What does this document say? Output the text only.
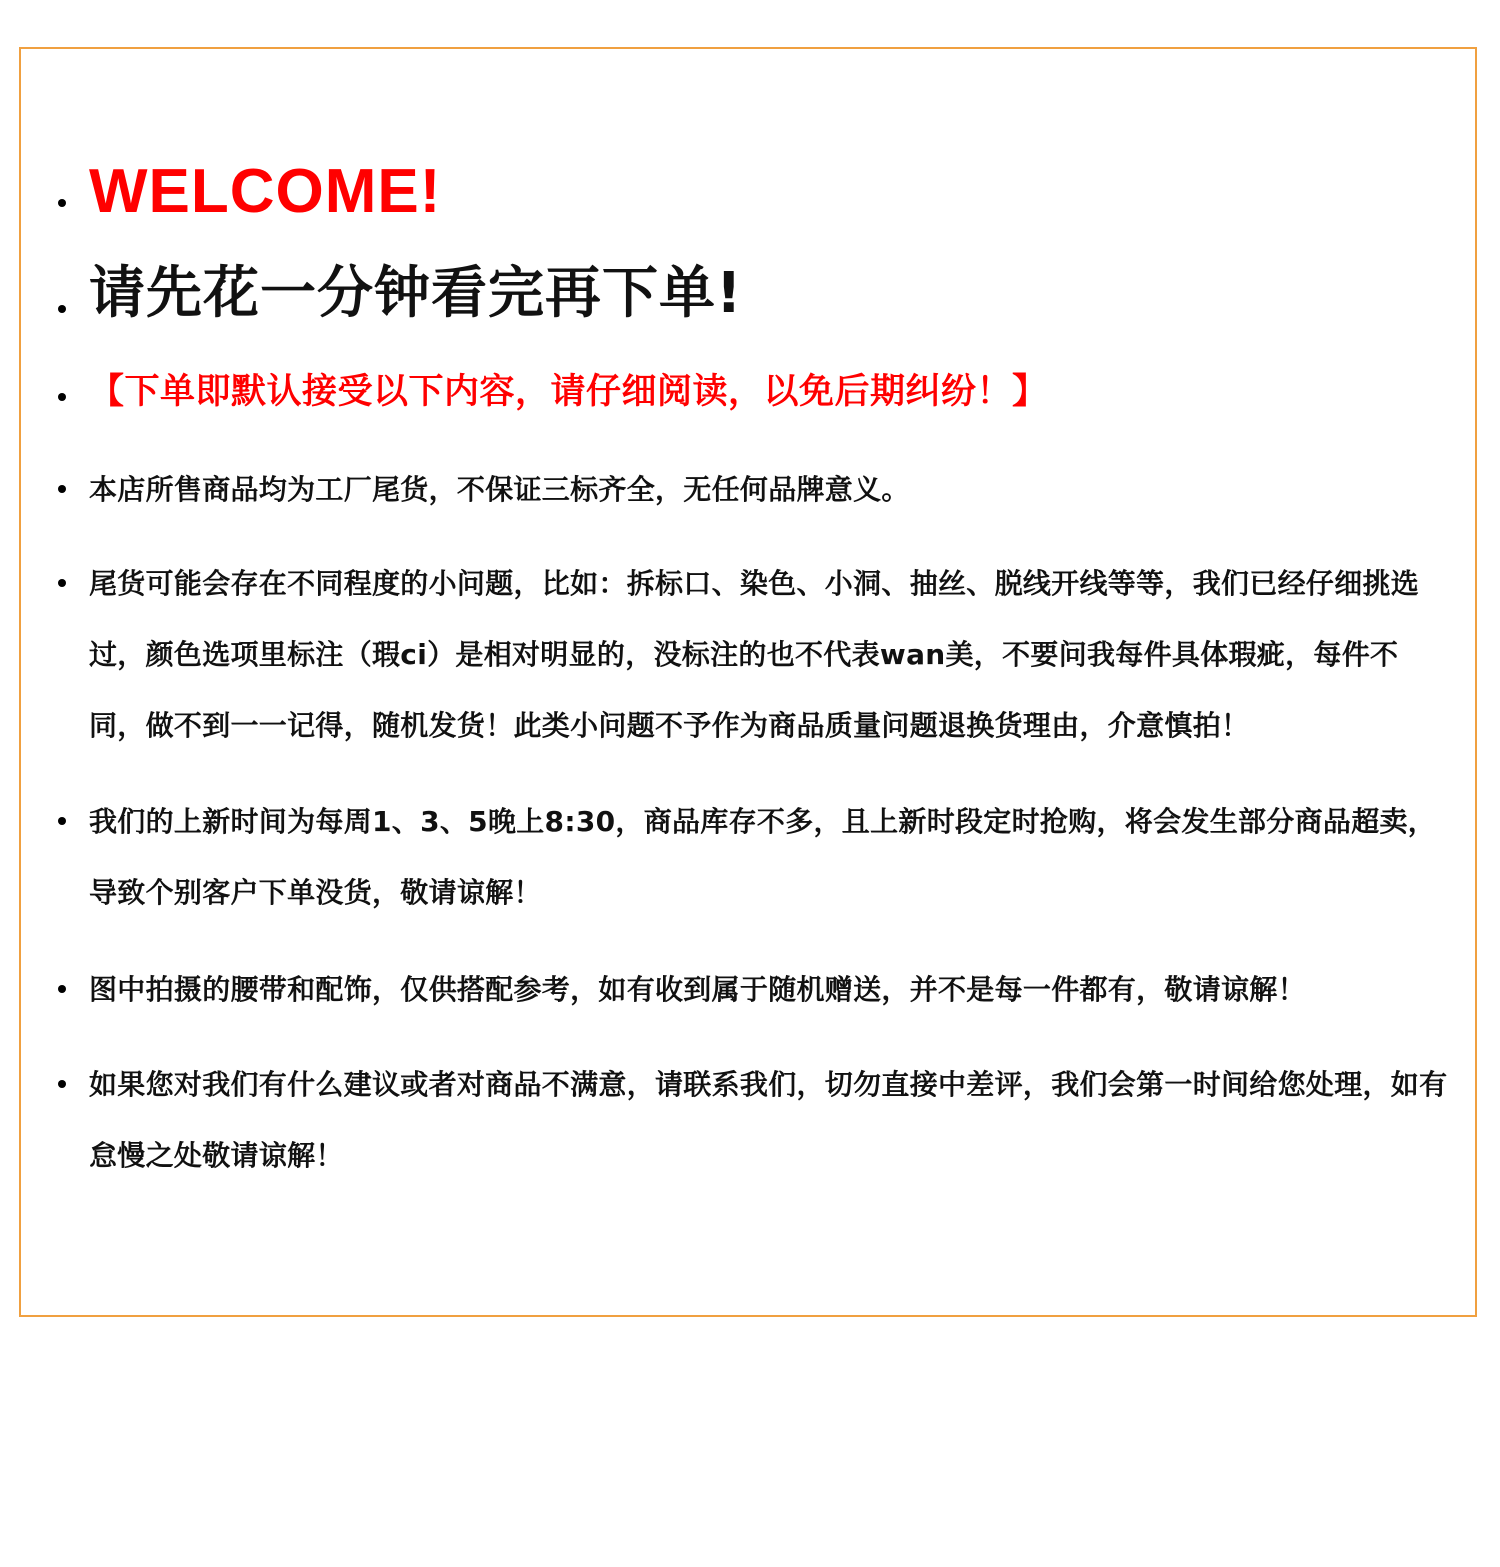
WELCOME!
请先花一分钟看完再下单!
【下单即默认接受以下内容，请仔细阅读，以免后期纠纷！】
本店所售商品均为工厂尾货，不保证三标齐全，无任何品牌意义。
尾货可能会存在不同程度的小问题，比如：拆标口、染色、小洞、抽丝、脱线开线等等，我们已经仔细挑选过，颜色选项里标注（瑕ci）是相对明显的，没标注的也不代表wan美，不要问我每件具体瑕疵，每件不同，做不到一一记得，随机发货！此类小问题不予作为商品质量问题退换货理由，介意慎拍！
我们的上新时间为每周1、3、5晚上8:30，商品库存不多，且上新时段定时抢购，将会发生部分商品超卖，导致个别客户下单没货，敬请谅解！
图中拍摄的腰带和配饰，仅供搭配参考，如有收到属于随机赠送，并不是每一件都有，敬请谅解！
如果您对我们有什么建议或者对商品不满意，请联系我们，切勿直接中差评，我们会第一时间给您处理，如有怠慢之处敬请谅解！
